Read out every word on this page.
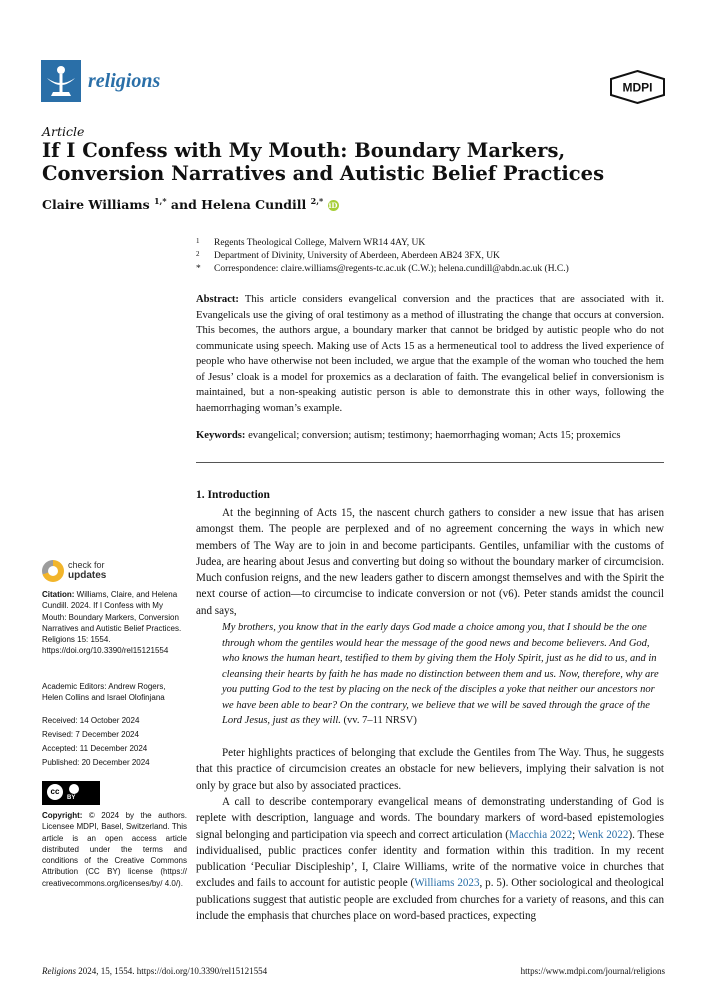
religions	MDPI
Article
If I Confess with My Mouth: Boundary Markers, Conversion Narratives and Autistic Belief Practices
Claire Williams $^{1,*}$ and Helena Cundill $^{2,*}$ iD
1	Regents Theological College, Malvern WR14 4AY, UK
2	Department of Divinity, University of Aberdeen, Aberdeen AB24 3FX, UK
*	Correspondence: claire.williams@regents-tc.ac.uk (C.W.); helena.cundill@abdn.ac.uk (H.C.)
Abstract: This article considers evangelical conversion and the practices that are associated with it. Evangelicals use the giving of oral testimony as a method of illustrating the change that occurs at conversion. This becomes, the authors argue, a boundary marker that cannot be bridged by autistic people who do not communicate using speech. Making use of Acts 15 as a hermeneutical tool to address the lived experience of people who have otherwise not been included, we argue that the example of the woman who touched the hem of Jesus’ cloak is a model for proxemics as a declaration of faith. The evangelical belief in conversionism is maintained, but a non-speaking autistic person is able to demonstrate this in other ways, following the haemorrhaging woman’s example.
Keywords: evangelical; conversion; autism; testimony; haemorrhaging woman; Acts 15; proxemics
1. Introduction
At the beginning of Acts 15, the nascent church gathers to consider a new issue that has arisen amongst them. The people are perplexed and of no agreement concerning the ways in which new members of The Way are to join in and become participants. Gentiles, unfamiliar with the customs of Judea, are hearing about Jesus and converting but doing so without the boundary marker of circumcision. Much confusion reigns, and the new leaders gather to discern amongst themselves and with the Spirit the next course of action—to circumcise to indicate conversion or not (v6). Peter stands amidst the council and says,
My brothers, you know that in the early days God made a choice among you, that I should be the one through whom the gentiles would hear the message of the good news and become believers. And God, who knows the human heart, testified to them by giving them the Holy Spirit, just as he did to us, and in cleansing their hearts by faith he has made no distinction between them and us. Now, therefore, why are you putting God to the test by placing on the neck of the disciples a yoke that neither our ancestors nor we have been able to bear? On the contrary, we believe that we will be saved through the grace of the Lord Jesus, just as they will. (vv. 7–11 NRSV)
Peter highlights practices of belonging that exclude the Gentiles from The Way. Thus, he suggests that this practice of circumcision creates an obstacle for new believers, implying their salvation is not only by grace but also by associated practices.
A call to describe contemporary evangelical means of demonstrating understanding of God is replete with description, language and words. The boundary markers of word-based epistemologies signal belonging and participation via speech and correct articulation (Macchia 2022; Wenk 2022). These individualised, public practices confer identity and formation within this tradition. In my recent publication ‘Peculiar Discipleship’, I, Claire Williams, write of the normative voice in churches that excludes and fails to account for autistic people (Williams 2023, p. 5). Other sociological and theological publications suggest that autistic people are excluded from churches for a variety of reasons, and this can include the emphasis that churches place on word-based practices, expecting
check for
updates
Citation: Williams, Claire, and Helena Cundill. 2024. If I Confess with My Mouth: Boundary Markers, Conversion Narratives and Autistic Belief Practices. Religions 15: 1554. https://doi.org/10.3390/rel15121554
Academic Editors: Andrew Rogers, Helen Collins and Israel Olofinjana
Received: 14 October 2024
Revised: 7 December 2024
Accepted: 11 December 2024
Published: 20 December 2024
cc
BY
Copyright: © 2024 by the authors. Licensee MDPI, Basel, Switzerland. This article is an open access article distributed under the terms and conditions of the Creative Commons Attribution (CC BY) license (https:// creativecommons.org/licenses/by/ 4.0/).
Religions 2024, 15, 1554. https://doi.org/10.3390/rel15121554	https://www.mdpi.com/journal/religions
